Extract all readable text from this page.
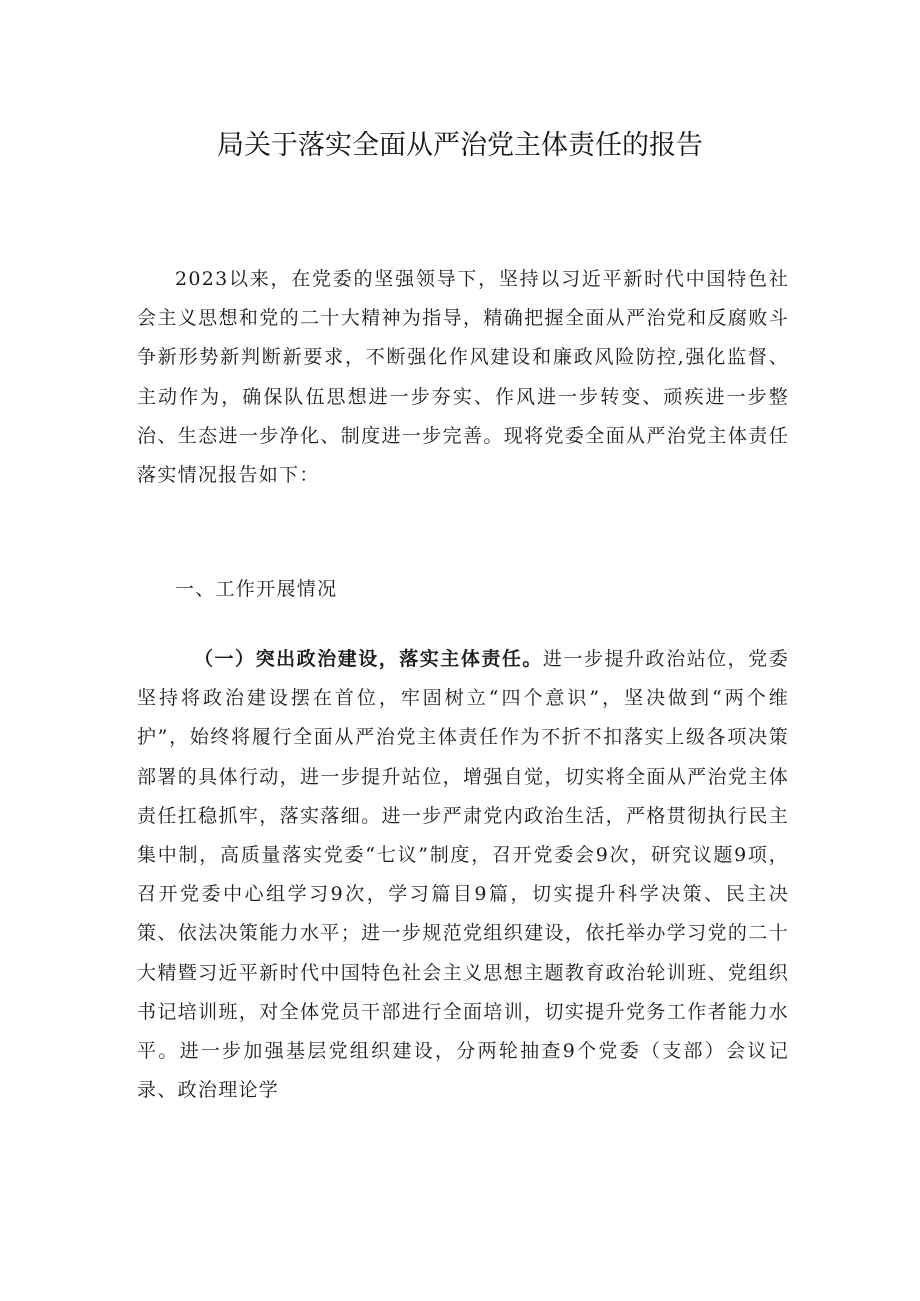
局关于落实全面从严治党主体责任的报告

2023以来，在党委的坚强领导下，坚持以习近平新时代中国特色社会主义思想和党的二十大精神为指导，精确把握全面从严治党和反腐败斗争新形势新判断新要求，不断强化作风建设和廉政风险防控,强化监督、主动作为，确保队伍思想进一步夯实、作风进一步转变、顽疾进一步整治、生态进一步净化、制度进一步完善。现将党委全面从严治党主体责任落实情况报告如下：

一、工作开展情况

（一）突出政治建设，落实主体责任。进一步提升政治站位，党委坚持将政治建设摆在首位，牢固树立“四个意识”，坚决做到“两个维护”，始终将履行全面从严治党主体责任作为不折不扣落实上级各项决策部署的具体行动，进一步提升站位，增强自觉，切实将全面从严治党主体责任扛稳抓牢，落实落细。进一步严肃党内政治生活，严格贯彻执行民主集中制，高质量落实党委“七议”制度，召开党委会9次，研究议题9项，召开党委中心组学习9次，学习篇目9篇，切实提升科学决策、民主决策、依法决策能力水平；进一步规范党组织建设，依托举办学习党的二十大精暨习近平新时代中国特色社会主义思想主题教育政治轮训班、党组织书记培训班，对全体党员干部进行全面培训，切实提升党务工作者能力水平。进一步加强基层党组织建设，分两轮抽查9个党委（支部）会议记录、政治理论学
